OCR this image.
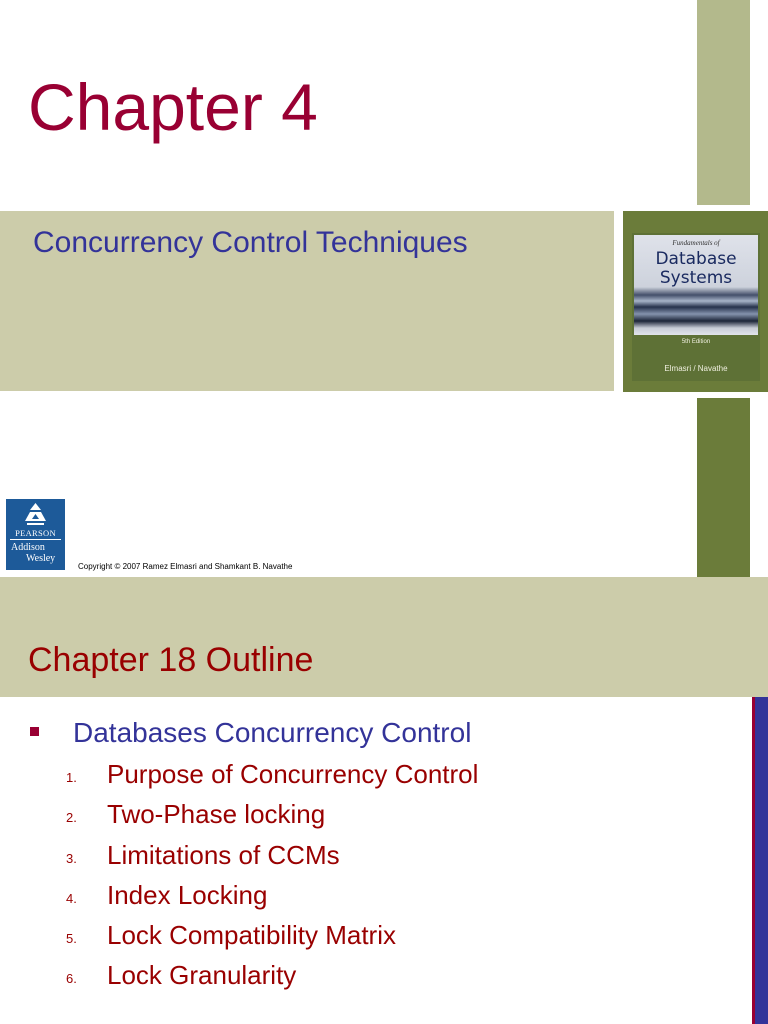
Chapter 4
Concurrency Control Techniques	Fundamentals of
Database
Systems
5th Edition
Elmasri / Navathe
PEARSON
Addison
Wesley
Copyright © 2007 Ramez Elmasri and Shamkant B. Navathe
Chapter 18 Outline
Databases Concurrency Control
1. Purpose of Concurrency Control
2. Two-Phase locking
3. Limitations of CCMs
4. Index Locking
5. Lock Compatibility Matrix
6. Lock Granularity
